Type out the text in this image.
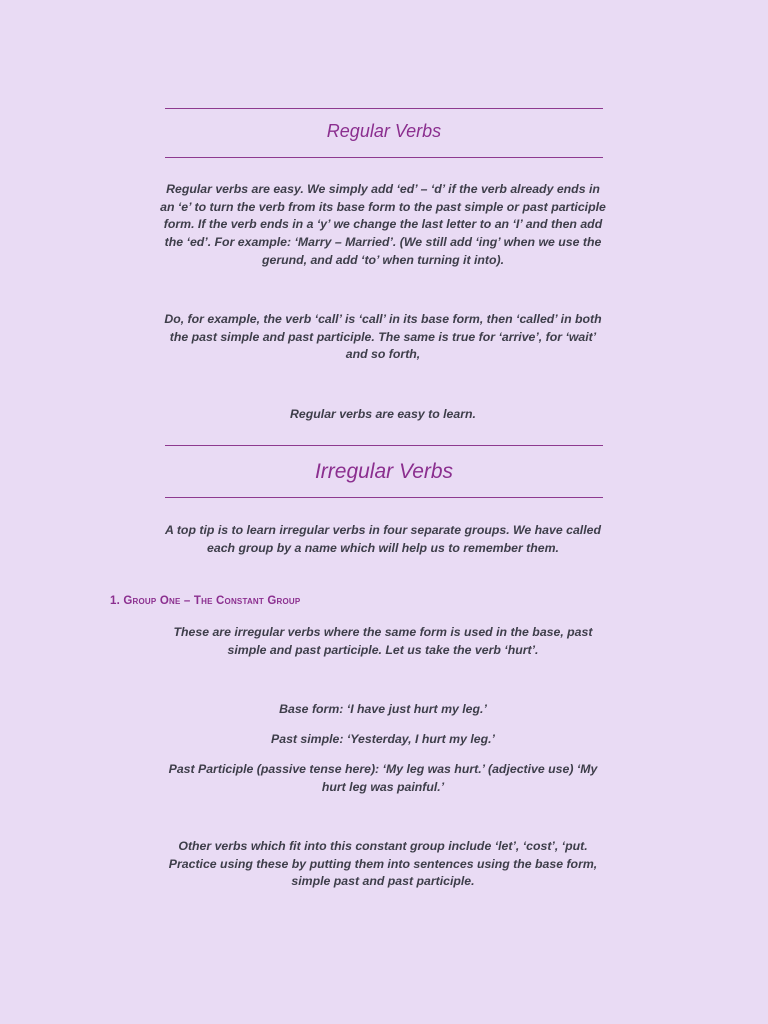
Regular Verbs

Regular verbs are easy. We simply add ‘ed’ – ‘d’ if the verb already ends in an ‘e’ to turn the verb from its base form to the past simple or past participle form. If the verb ends in a ‘y’ we change the last letter to an ‘I’ and then add the ‘ed’. For example: ‘Marry – Married’. (We still add ‘ing’ when we use the gerund, and add ‘to’ when turning it into).

Do, for example, the verb ‘call’ is ‘call’ in its base form, then ‘called’ in both the past simple and past participle. The same is true for ‘arrive’, for ‘wait’ and so forth,

Regular verbs are easy to learn.

Irregular Verbs

A top tip is to learn irregular verbs in four separate groups. We have called each group by a name which will help us to remember them.

1. Group One – The Constant Group

These are irregular verbs where the same form is used in the base, past simple and past participle. Let us take the verb ‘hurt’.

Base form: ‘I have just hurt my leg.’

Past simple: ‘Yesterday, I hurt my leg.’

Past Participle (passive tense here): ‘My leg was hurt.’ (adjective use) ‘My hurt leg was painful.’

Other verbs which fit into this constant group include ‘let’, ‘cost’, ‘put. Practice using these by putting them into sentences using the base form, simple past and past participle.
